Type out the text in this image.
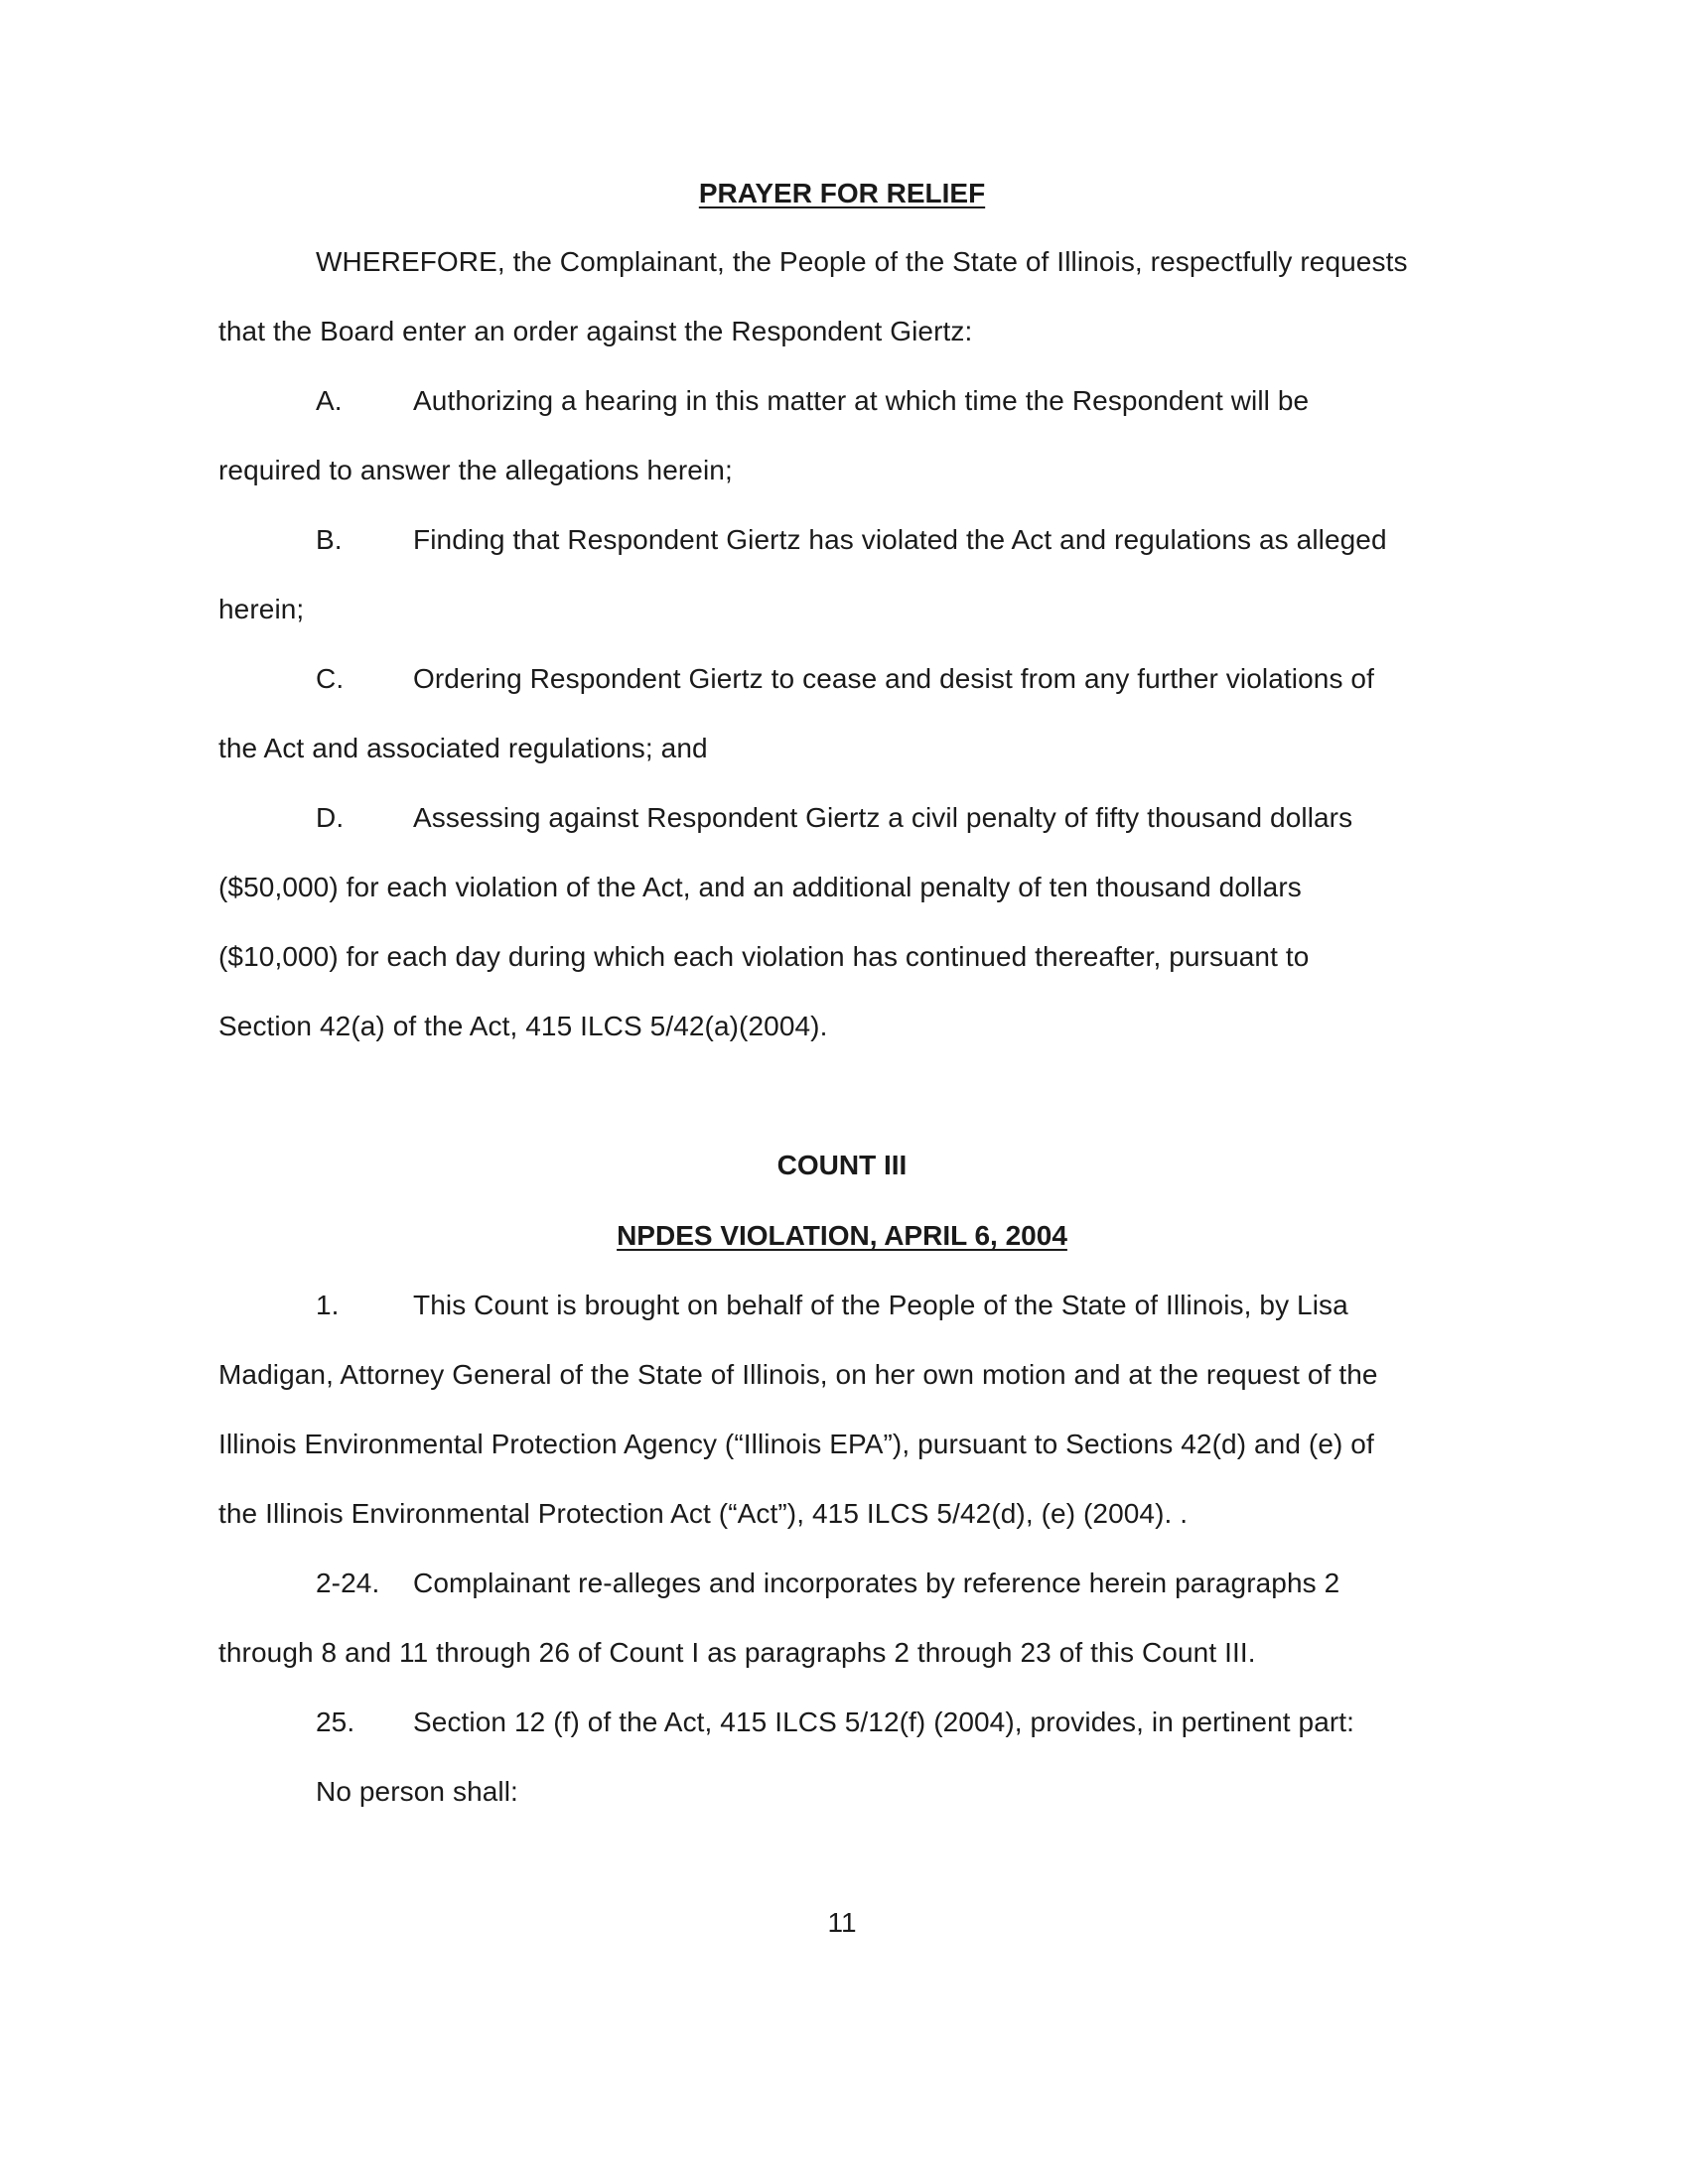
PRAYER FOR RELIEF
WHEREFORE, the Complainant, the People of the State of Illinois, respectfully requests
that the Board enter an order against the Respondent Giertz:
A.	Authorizing a hearing in this matter at which time the Respondent will be
required to answer the allegations herein;
B.	Finding that Respondent Giertz has violated the Act and regulations as alleged
herein;
C. Ordering Respondent Giertz to cease and desist from any further violations of
the Act and associated regulations; and
D. Assessing against Respondent Giertz a civil penalty of fifty thousand dollars
($50,000) for each violation of the Act, and an additional penalty of ten thousand dollars
($10,000) for each day during which each violation has continued thereafter, pursuant to
Section 42(a) of the Act, 415 ILCS 5/42(a)(2004).
COUNT III
NPDES VIOLATION, APRIL 6, 2004
1.	This Count is brought on behalf of the People of the State of Illinois, by Lisa
Madigan, Attorney General of the State of Illinois, on her own motion and at the request of the
Illinois Environmental Protection Agency (“Illinois EPA”), pursuant to Sections 42(d) and (e) of
the Illinois Environmental Protection Act (“Act”), 415 ILCS 5/42(d), (e) (2004). .
2-24. Complainant re-alleges and incorporates by reference herein paragraphs 2
through 8 and 11 through 26 of Count I as paragraphs 2 through 23 of this Count III.
25. Section 12 (f) of the Act, 415 ILCS 5/12(f) (2004), provides, in pertinent part:
No person shall:
11
